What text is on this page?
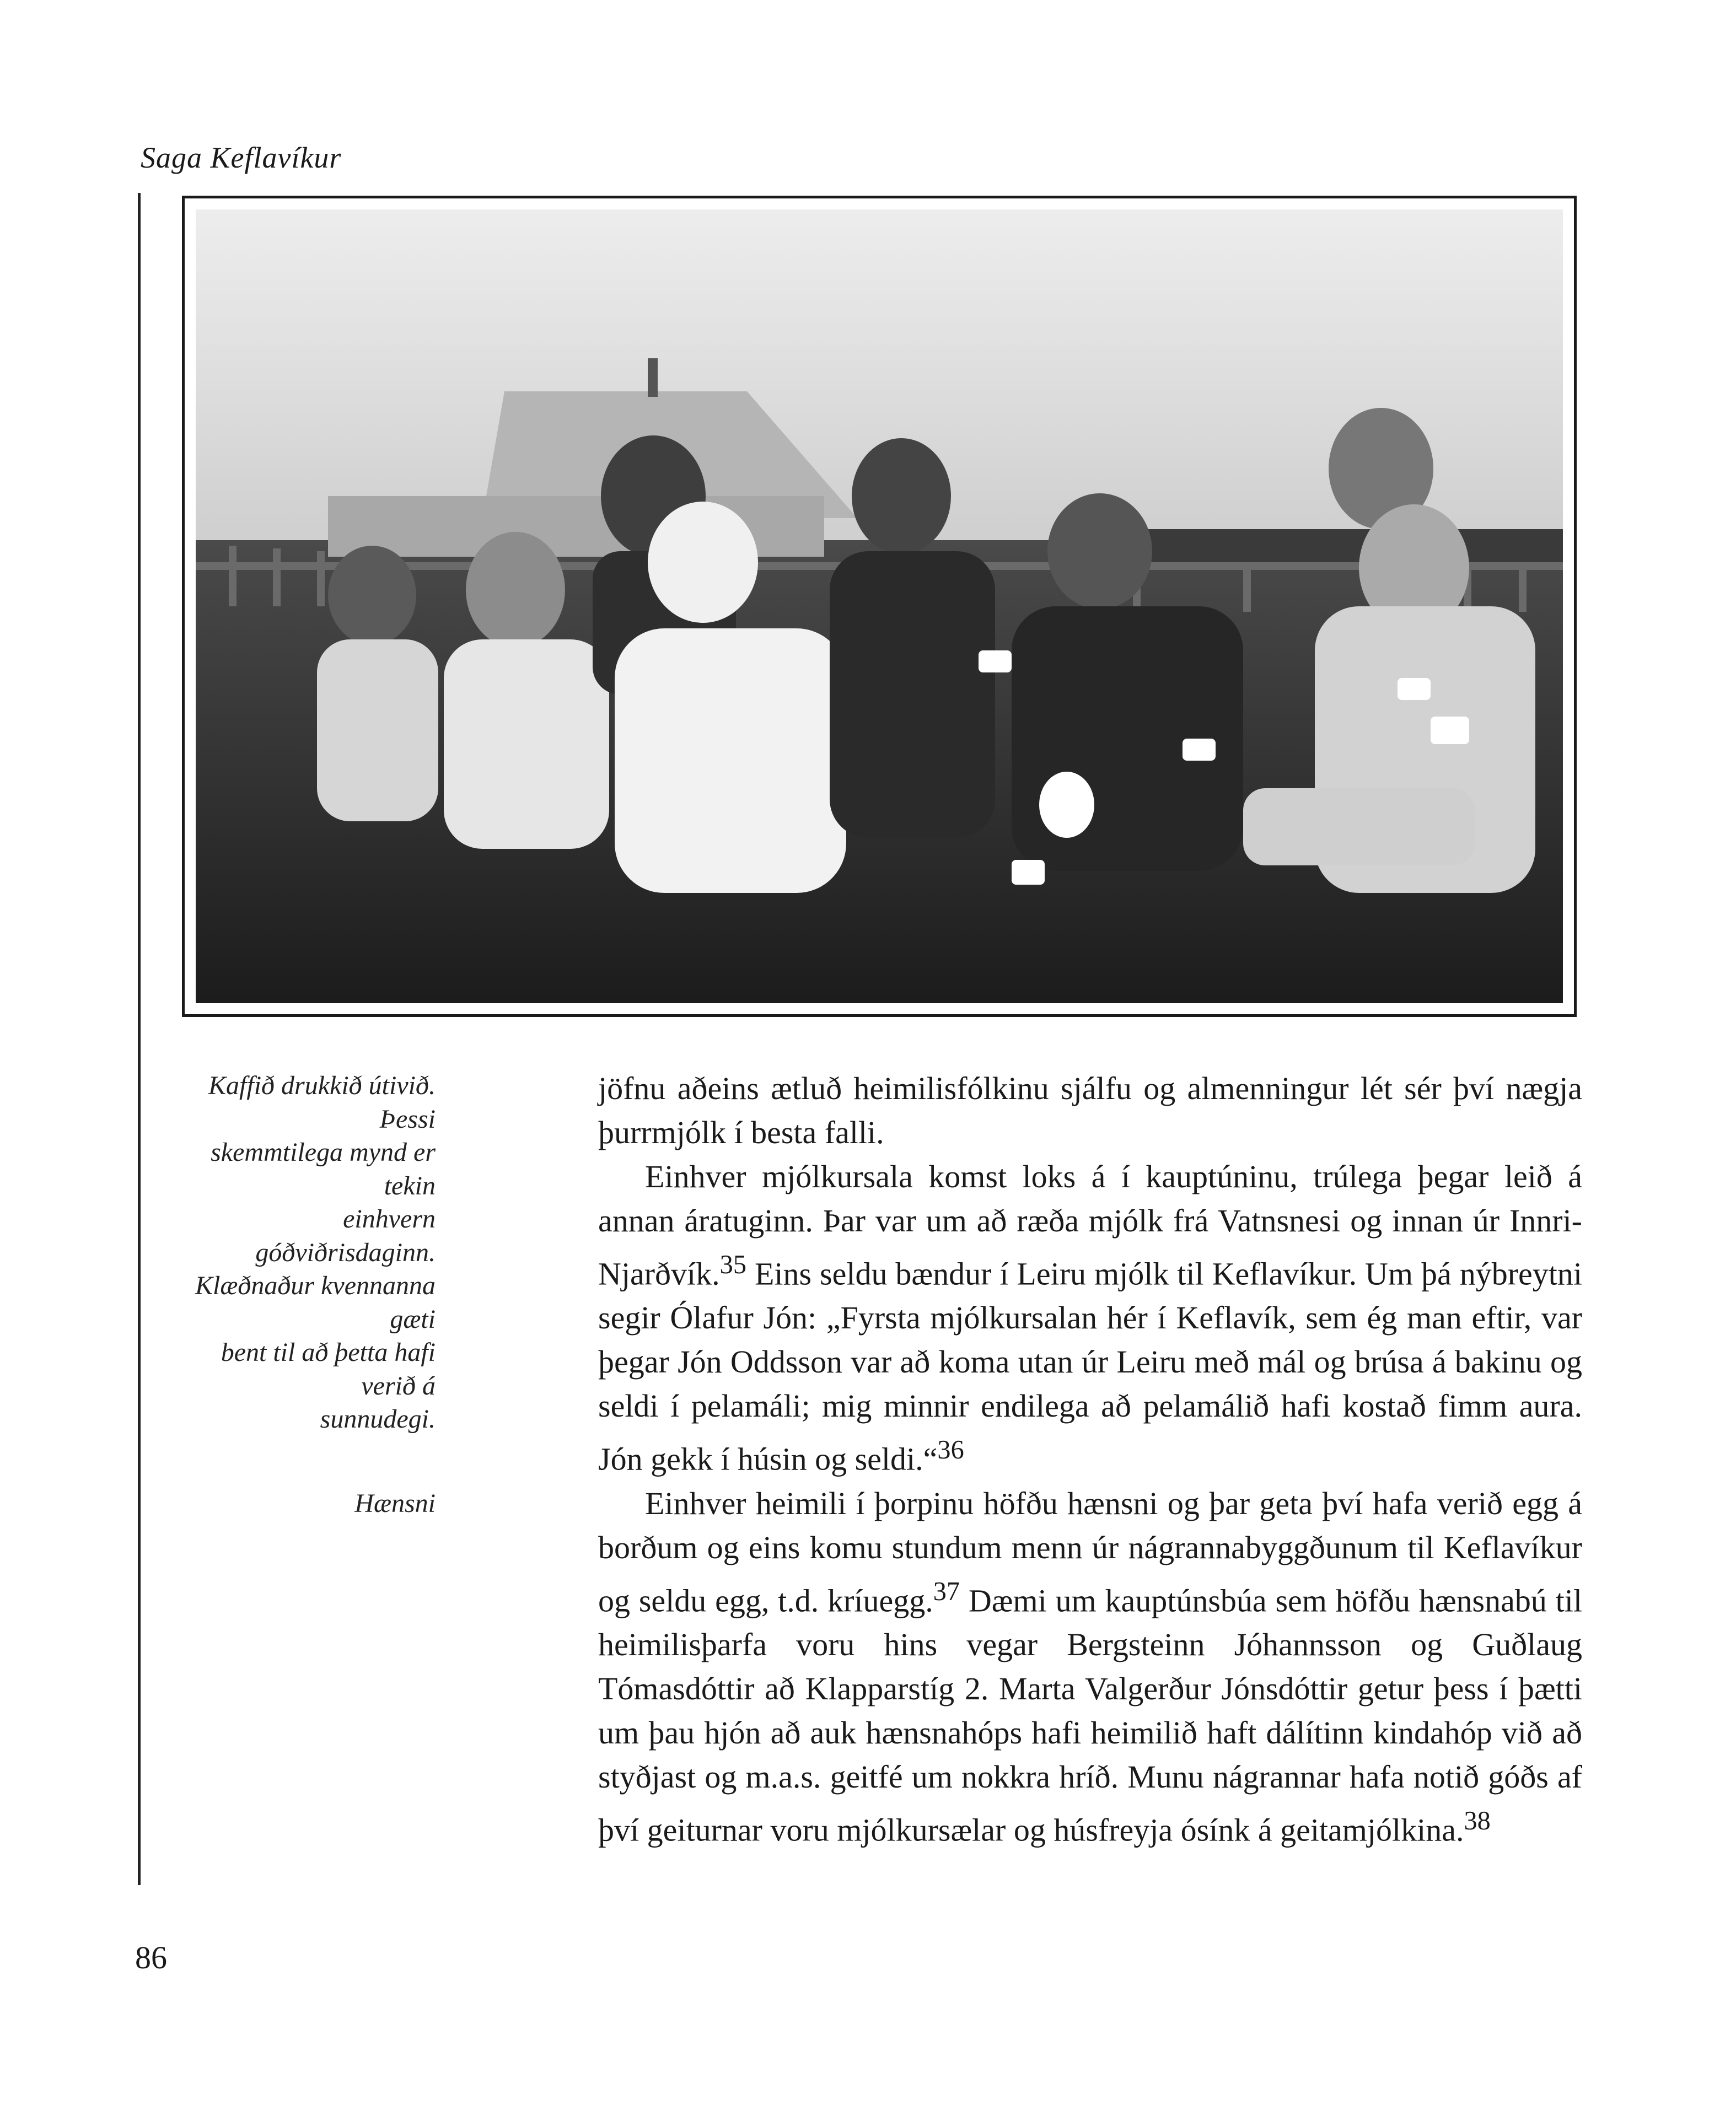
Saga Keflavíkur
Kaffið drukkið útivið. Þessi
skemmtilega mynd er tekin
einhvern góðviðrisdaginn.
Klæðnaður kvennanna gæti
bent til að þetta hafi verið á
sunnudegi.
Hænsni

jöfnu aðeins ætluð heimilisfólkinu sjálfu og almenningur lét sér því nægja þurrmjólk í besta falli.

Einhver mjólkursala komst loks á í kauptúninu, trúlega þegar leið á annan áratuginn. Þar var um að ræða mjólk frá Vatnsnesi og innan úr Innri-Njarðvík.$^{35}$ Eins seldu bændur í Leiru mjólk til Keflavíkur. Um þá nýbreytni segir Ólafur Jón: „Fyrsta mjólkursalan hér í Keflavík, sem ég man eftir, var þegar Jón Oddsson var að koma utan úr Leiru með mál og brúsa á bakinu og seldi í pelamáli; mig minnir endilega að pelamálið hafi kostað fimm aura. Jón gekk í húsin og seldi.“$^{36}$

Einhver heimili í þorpinu höfðu hænsni og þar geta því hafa verið egg á borðum og eins komu stundum menn úr nágrannabyggðunum til Keflavíkur og seldu egg, t.d. kríuegg.$^{37}$ Dæmi um kauptúnsbúa sem höfðu hænsnabú til heimilisþarfa voru hins vegar Bergsteinn Jóhannsson og Guðlaug Tómasdóttir að Klapparstíg 2. Marta Valgerður Jónsdóttir getur þess í þætti um þau hjón að auk hænsnahóps hafi heimilið haft dálítinn kindahóp við að styðjast og m.a.s. geitfé um nokkra hríð. Munu nágrannar hafa notið góðs af því geiturnar voru mjólkursælar og húsfreyja ósínk á geitamjólkina.$^{38}$

86
